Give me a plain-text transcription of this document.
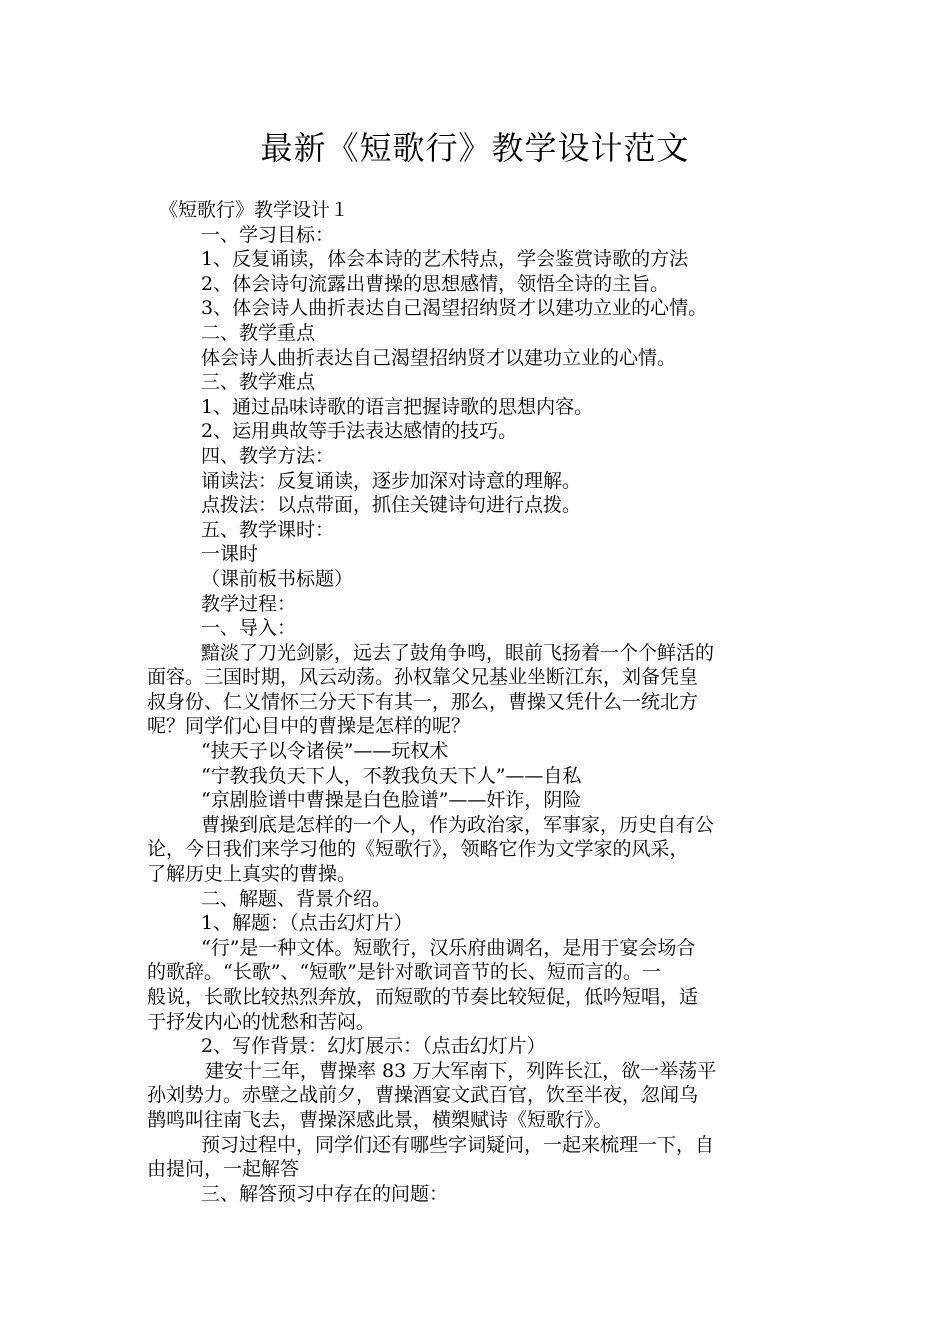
最新《短歌行》教学设计范文
《短歌行》教学设计１
一、学习目标：
1、反复诵读，体会本诗的艺术特点，学会鉴赏诗歌的方法
2、体会诗句流露出曹操的思想感情，领悟全诗的主旨。
3、体会诗人曲折表达自己渴望招纳贤才以建功立业的心情。
二、教学重点
体会诗人曲折表达自己渴望招纳贤才以建功立业的心情。
三、教学难点
1、通过品味诗歌的语言把握诗歌的思想内容。
2、运用典故等手法表达感情的技巧。
四、教学方法：
诵读法：反复诵读，逐步加深对诗意的理解。
点拨法：以点带面，抓住关键诗句进行点拨。
五、教学课时：
一课时
（课前板书标题）
教学过程：
一、导入：
黯淡了刀光剑影，远去了鼓角争鸣，眼前飞扬着一个个鲜活的
面容。三国时期，风云动荡。孙权靠父兄基业坐断江东，刘备凭皇
叔身份、仁义情怀三分天下有其一，那么，曹操又凭什么一统北方
呢？同学们心目中的曹操是怎样的呢？
“挟天子以令诸侯”——玩权术
“宁教我负天下人，不教我负天下人”——自私
“京剧脸谱中曹操是白色脸谱”——奸诈，阴险
曹操到底是怎样的一个人，作为政治家，军事家，历史自有公
论，今日我们来学习他的《短歌行》，领略它作为文学家的风采，
了解历史上真实的曹操。
二、解题、背景介绍。
1、解题：（点击幻灯片）
“行”是一种文体。短歌行，汉乐府曲调名，是用于宴会场合
的歌辞。“长歌”、“短歌”是针对歌词音节的长、短而言的。一
般说，长歌比较热烈奔放，而短歌的节奏比较短促，低吟短唱，适
于抒发内心的忧愁和苦闷。
2、写作背景：幻灯展示：（点击幻灯片）
建安十三年，曹操率 83 万大军南下，列阵长江，欲一举荡平
孙刘势力。赤壁之战前夕，曹操酒宴文武百官，饮至半夜，忽闻乌
鹊鸣叫往南飞去，曹操深感此景，横槊赋诗《短歌行》。
预习过程中，同学们还有哪些字词疑问，一起来梳理一下，自
由提问，一起解答
三、解答预习中存在的问题：
